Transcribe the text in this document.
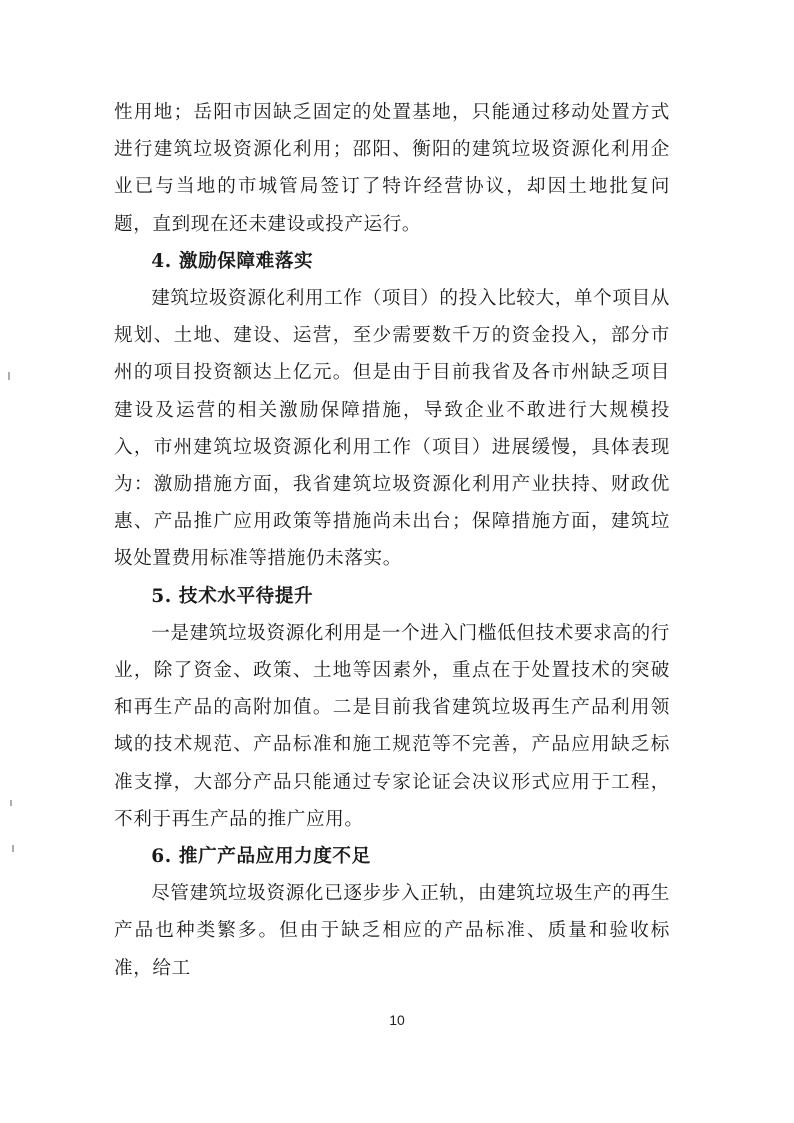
性用地；岳阳市因缺乏固定的处置基地，只能通过移动处置方式进行建筑垃圾资源化利用；邵阳、衡阳的建筑垃圾资源化利用企业已与当地的市城管局签订了特许经营协议，却因土地批复问题，直到现在还未建设或投产运行。

4. 激励保障难落实

建筑垃圾资源化利用工作（项目）的投入比较大，单个项目从规划、土地、建设、运营，至少需要数千万的资金投入，部分市州的项目投资额达上亿元。但是由于目前我省及各市州缺乏项目建设及运营的相关激励保障措施，导致企业不敢进行大规模投入，市州建筑垃圾资源化利用工作（项目）进展缓慢，具体表现为：激励措施方面，我省建筑垃圾资源化利用产业扶持、财政优惠、产品推广应用政策等措施尚未出台；保障措施方面，建筑垃圾处置费用标准等措施仍未落实。

5. 技术水平待提升

一是建筑垃圾资源化利用是一个进入门槛低但技术要求高的行业，除了资金、政策、土地等因素外，重点在于处置技术的突破和再生产品的高附加值。二是目前我省建筑垃圾再生产品利用领域的技术规范、产品标准和施工规范等不完善，产品应用缺乏标准支撑，大部分产品只能通过专家论证会决议形式应用于工程，不利于再生产品的推广应用。

6. 推广产品应用力度不足

尽管建筑垃圾资源化已逐步步入正轨，由建筑垃圾生产的再生产品也种类繁多。但由于缺乏相应的产品标准、质量和验收标准，给工

10
